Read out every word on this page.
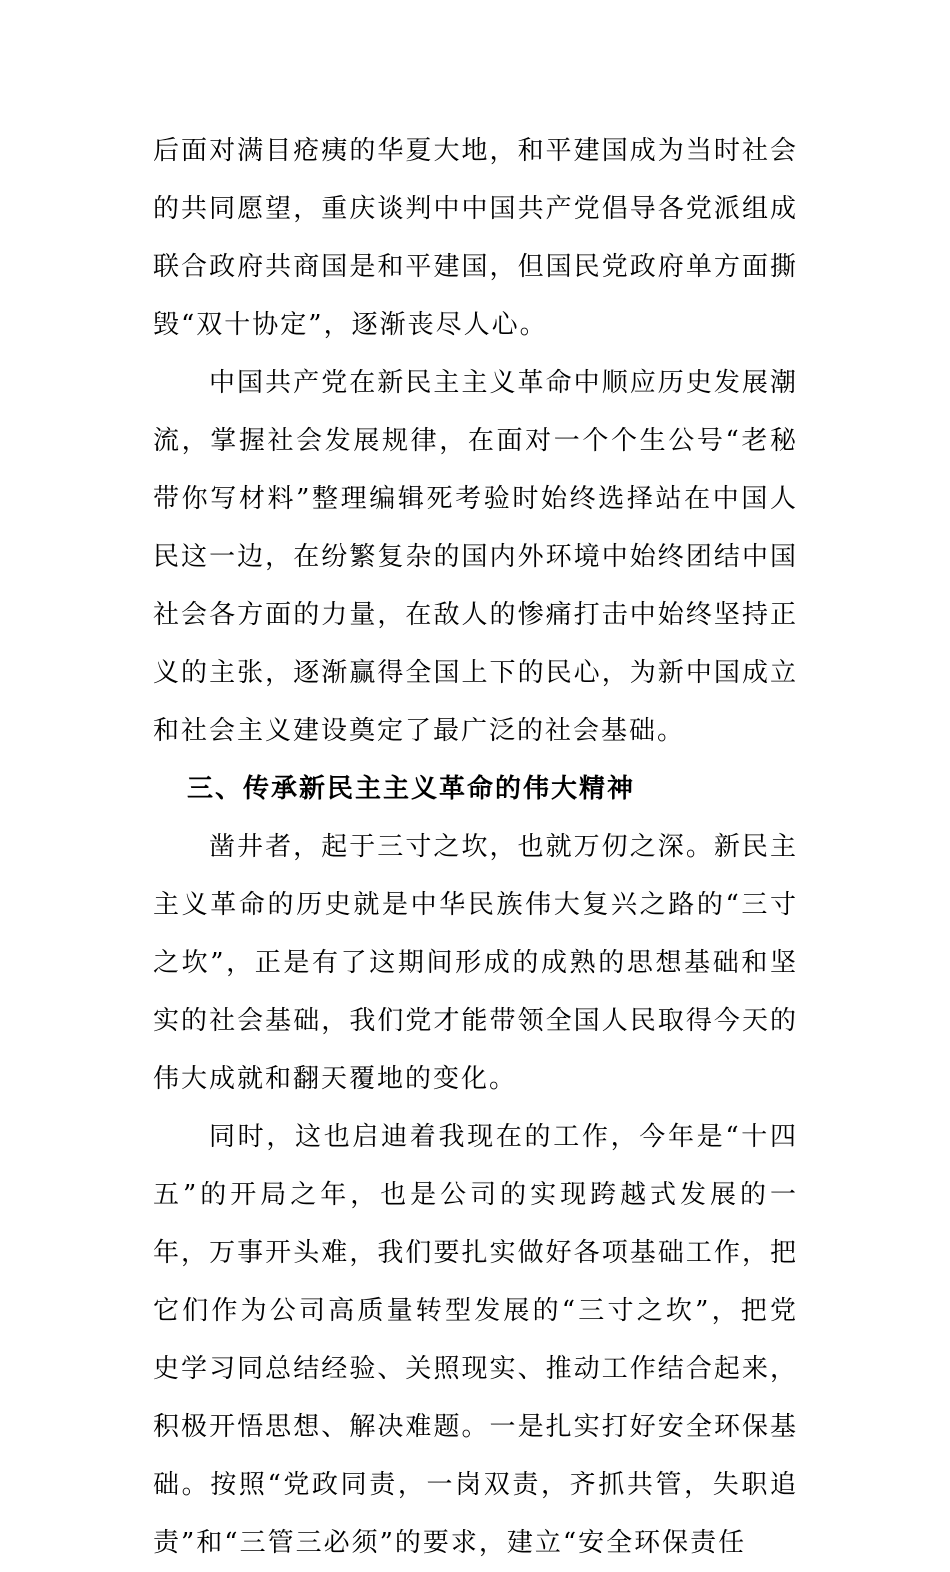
后面对满目疮痍的华夏大地，和平建国成为当时社会的共同愿望，重庆谈判中中国共产党倡导各党派组成联合政府共商国是和平建国，但国民党政府单方面撕毁“双十协定”，逐渐丧尽人心。

中国共产党在新民主主义革命中顺应历史发展潮流，掌握社会发展规律，在面对一个个生公号“老秘带你写材料”整理编辑死考验时始终选择站在中国人民这一边，在纷繁复杂的国内外环境中始终团结中国社会各方面的力量，在敌人的惨痛打击中始终坚持正义的主张，逐渐赢得全国上下的民心，为新中国成立和社会主义建设奠定了最广泛的社会基础。

三、传承新民主主义革命的伟大精神

凿井者，起于三寸之坎，也就万仞之深。新民主主义革命的历史就是中华民族伟大复兴之路的“三寸之坎”，正是有了这期间形成的成熟的思想基础和坚实的社会基础，我们党才能带领全国人民取得今天的伟大成就和翻天覆地的变化。

同时，这也启迪着我现在的工作，今年是“十四五”的开局之年，也是公司的实现跨越式发展的一年，万事开头难，我们要扎实做好各项基础工作，把它们作为公司高质量转型发展的“三寸之坎”，把党史学习同总结经验、关照现实、推动工作结合起来，积极开悟思想、解决难题。一是扎实打好安全环保基础。按照“党政同责，一岗双责，齐抓共管，失职追责”和“三管三必须”的要求，建立“安全环保责任
